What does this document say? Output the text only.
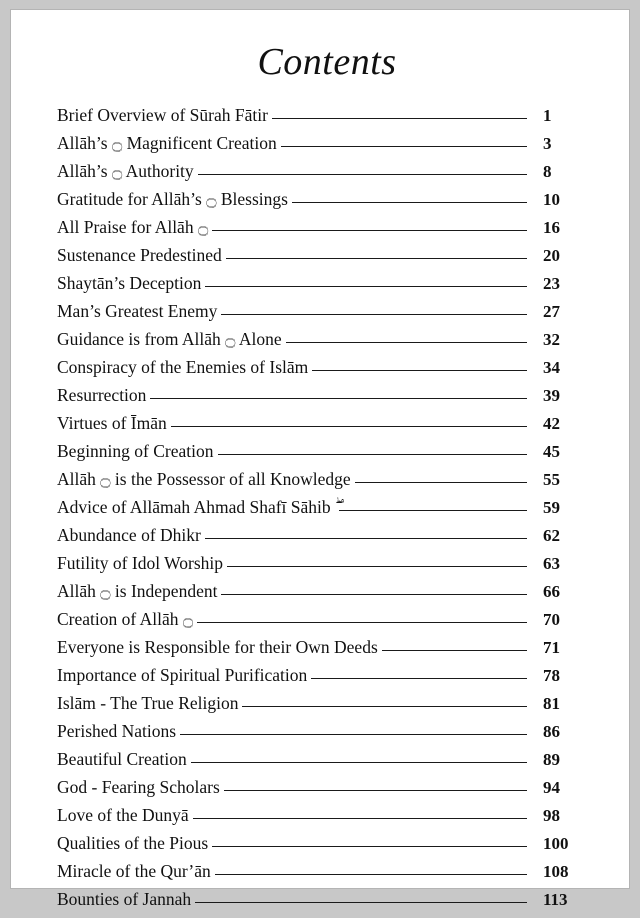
Contents
Brief Overview of Sūrah Fātir	1
Allāh’s ۝ Magnificent Creation	3
Allāh’s ۝ Authority	8
Gratitude for Allāh’s ۝ Blessings	10
All Praise for Allāh ۝	16
Sustenance Predestined	20
Shaytān’s Deception	23
Man’s Greatest Enemy	27
Guidance is from Allāh ۝ Alone	32
Conspiracy of the Enemies of Islām	34
Resurrection	39
Virtues of Īmān	42
Beginning of Creation	45
Allāh ۝ is the Possessor of all Knowledge	55
Advice of Allāmah Ahmad Shafī Sāhib ۖ	59
Abundance of Dhikr	62
Futility of Idol Worship	63
Allāh ۝ is Independent	66
Creation of Allāh ۝	70
Everyone is Responsible for their Own Deeds	71
Importance of Spiritual Purification	78
Islām - The True Religion	81
Perished Nations	86
Beautiful Creation	89
God - Fearing Scholars	94
Love of the Dunyā	98
Qualities of the Pious	100
Miracle of the Qur’ān	108
Bounties of Jannah	113
